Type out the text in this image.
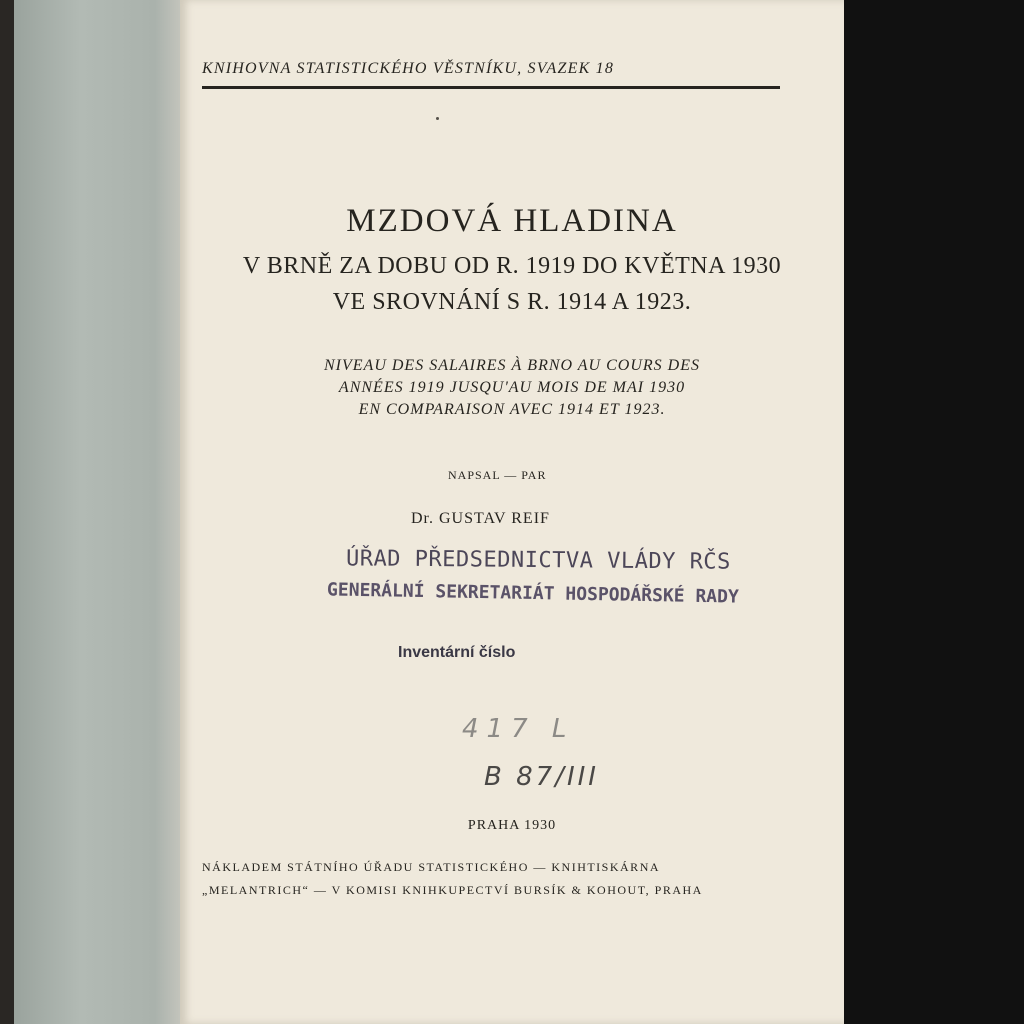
KNIHOVNA STATISTICKÉHO VĚSTNÍKU, SVAZEK 18
MZDOVÁ HLADINA
V BRNĚ ZA DOBU OD R. 1919 DO KVĚTNA 1930
VE SROVNÁNÍ S R. 1914 A 1923.
NIVEAU DES SALAIRES À BRNO AU COURS DES
ANNÉES 1919 JUSQU'AU MOIS DE MAI 1930
EN COMPARAISON AVEC 1914 ET 1923.
NAPSAL — PAR
Dr. GUSTAV REIF
ÚŘAD PŘEDSEDNICTVA VLÁDY RČS
GENERÁLNÍ SEKRETARIÁT HOSPODÁŘSKÉ RADY
Inventární číslo
417 L
B 87/III
PRAHA 1930
NÁKLADEM STÁTNÍHO ÚŘADU STATISTICKÉHO — KNIHTISKÁRNA
„MELANTRICH“ — V KOMISI KNIHKUPECTVÍ BURSÍK & KOHOUT, PRAHA
